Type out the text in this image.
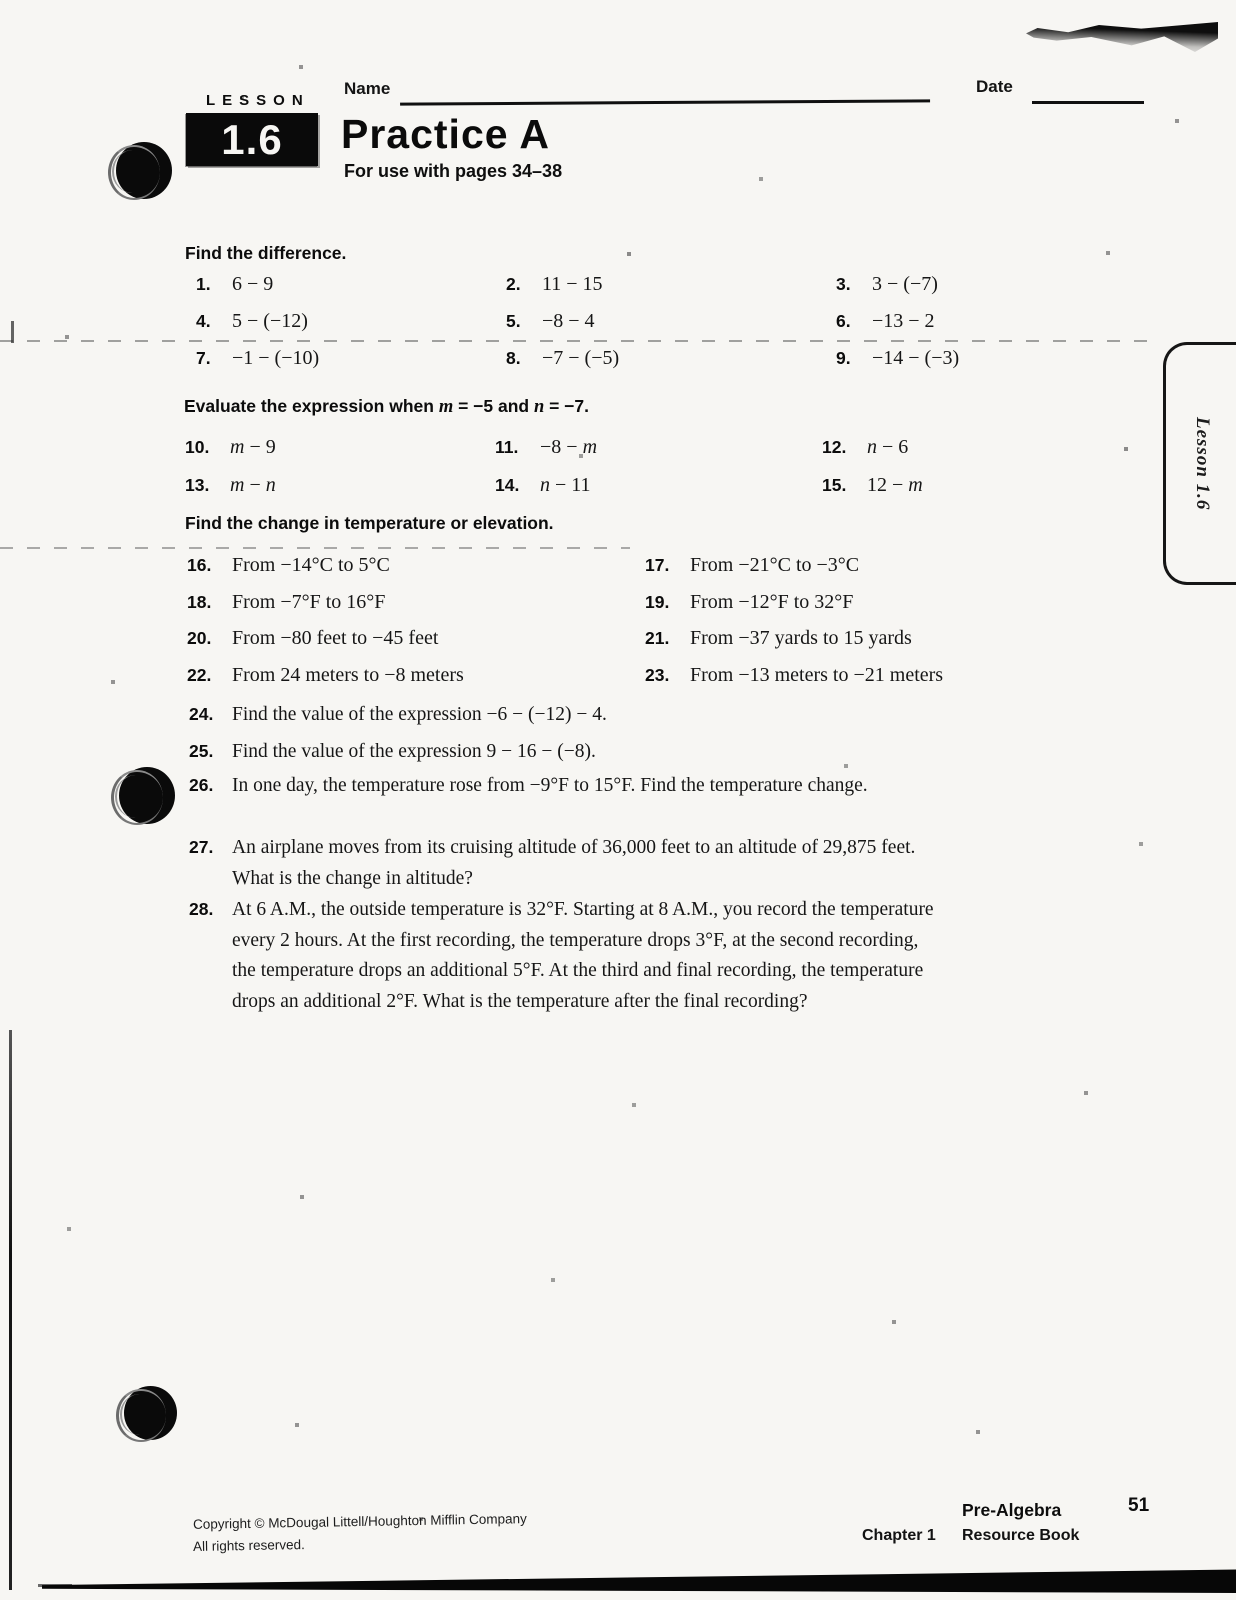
LESSON
1.6
Name	Date
Practice A
For use with pages 34–38
Find the difference.
1.	6 − 9	2.	11 − 15	3.	3 − (−7)
4.	5 − (−12)	5.	−8 − 4	6.	−13 − 2
7.	−1 − (−10)	8.	−7 − (−5)	9.	−14 − (−3)
Evaluate the expression when m = −5 and n = −7.
10.	m − 9	11.	−8 − m	12.	n − 6
13.	m − n	14.	n − 11	15.	12 − m
Find the change in temperature or elevation.
16.	From −14°C to 5°C	17.	From −21°C to −3°C
18.	From −7°F to 16°F	19.	From −12°F to 32°F
20.	From −80 feet to −45 feet	21.	From −37 yards to 15 yards
22.	From 24 meters to −8 meters	23.	From −13 meters to −21 meters
24. Find the value of the expression −6 − (−12) − 4.
25. Find the value of the expression 9 − 16 − (−8).
26. In one day, the temperature rose from −9°F to 15°F. Find the temperature change.
27. An airplane moves from its cruising altitude of 36,000 feet to an altitude of 29,875 feet. What is the change in altitude?
28. At 6 A.M., the outside temperature is 32°F. Starting at 8 A.M., you record the temperature every 2 hours. At the first recording, the temperature drops 3°F, at the second recording, the temperature drops an additional 5°F. At the third and final recording, the temperature drops an additional 2°F. What is the temperature after the final recording?
Lesson 1.6
Copyright © McDougal Littell/Houghton Mifflin Company
All rights reserved.
Pre-Algebra	51
Chapter 1 Resource Book
